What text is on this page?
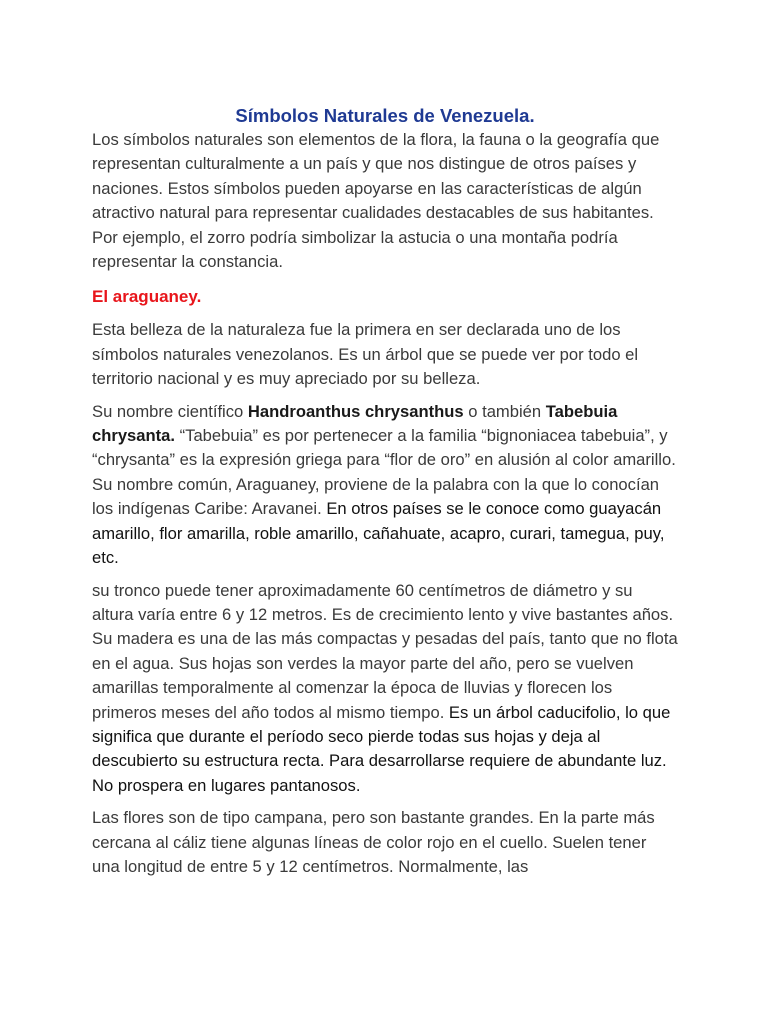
Símbolos Naturales de Venezuela.

Los símbolos naturales son elementos de la flora, la fauna o la geografía que representan culturalmente a un país y que nos distingue de otros países y naciones. Estos símbolos pueden apoyarse en las características de algún atractivo natural para representar cualidades destacables de sus habitantes. Por ejemplo, el zorro podría simbolizar la astucia o una montaña podría representar la constancia.

El araguaney.

Esta belleza de la naturaleza fue la primera en ser declarada uno de los símbolos naturales venezolanos. Es un árbol que se puede ver por todo el territorio nacional y es muy apreciado por su belleza.

Su nombre científico Handroanthus chrysanthus o también Tabebuia chrysanta. “Tabebuia” es por pertenecer a la familia “bignoniacea tabebuia”, y “chrysanta” es la expresión griega para “flor de oro” en alusión al color amarillo. Su nombre común, Araguaney, proviene de la palabra con la que lo conocían los indígenas Caribe: Aravanei. En otros países se le conoce como guayacán amarillo, flor amarilla, roble amarillo, cañahuate, acapro, curari, tamegua, puy, etc.

su tronco puede tener aproximadamente 60 centímetros de diámetro y su altura varía entre 6 y 12 metros. Es de crecimiento lento y vive bastantes años. Su madera es una de las más compactas y pesadas del país, tanto que no flota en el agua. Sus hojas son verdes la mayor parte del año, pero se vuelven amarillas temporalmente al comenzar la época de lluvias y florecen los primeros meses del año todos al mismo tiempo. Es un árbol caducifolio, lo que significa que durante el período seco pierde todas sus hojas y deja al descubierto su estructura recta. Para desarrollarse requiere de abundante luz. No prospera en lugares pantanosos.

Las flores son de tipo campana, pero son bastante grandes. En la parte más cercana al cáliz tiene algunas líneas de color rojo en el cuello. Suelen tener una longitud de entre 5 y 12 centímetros. Normalmente, las
